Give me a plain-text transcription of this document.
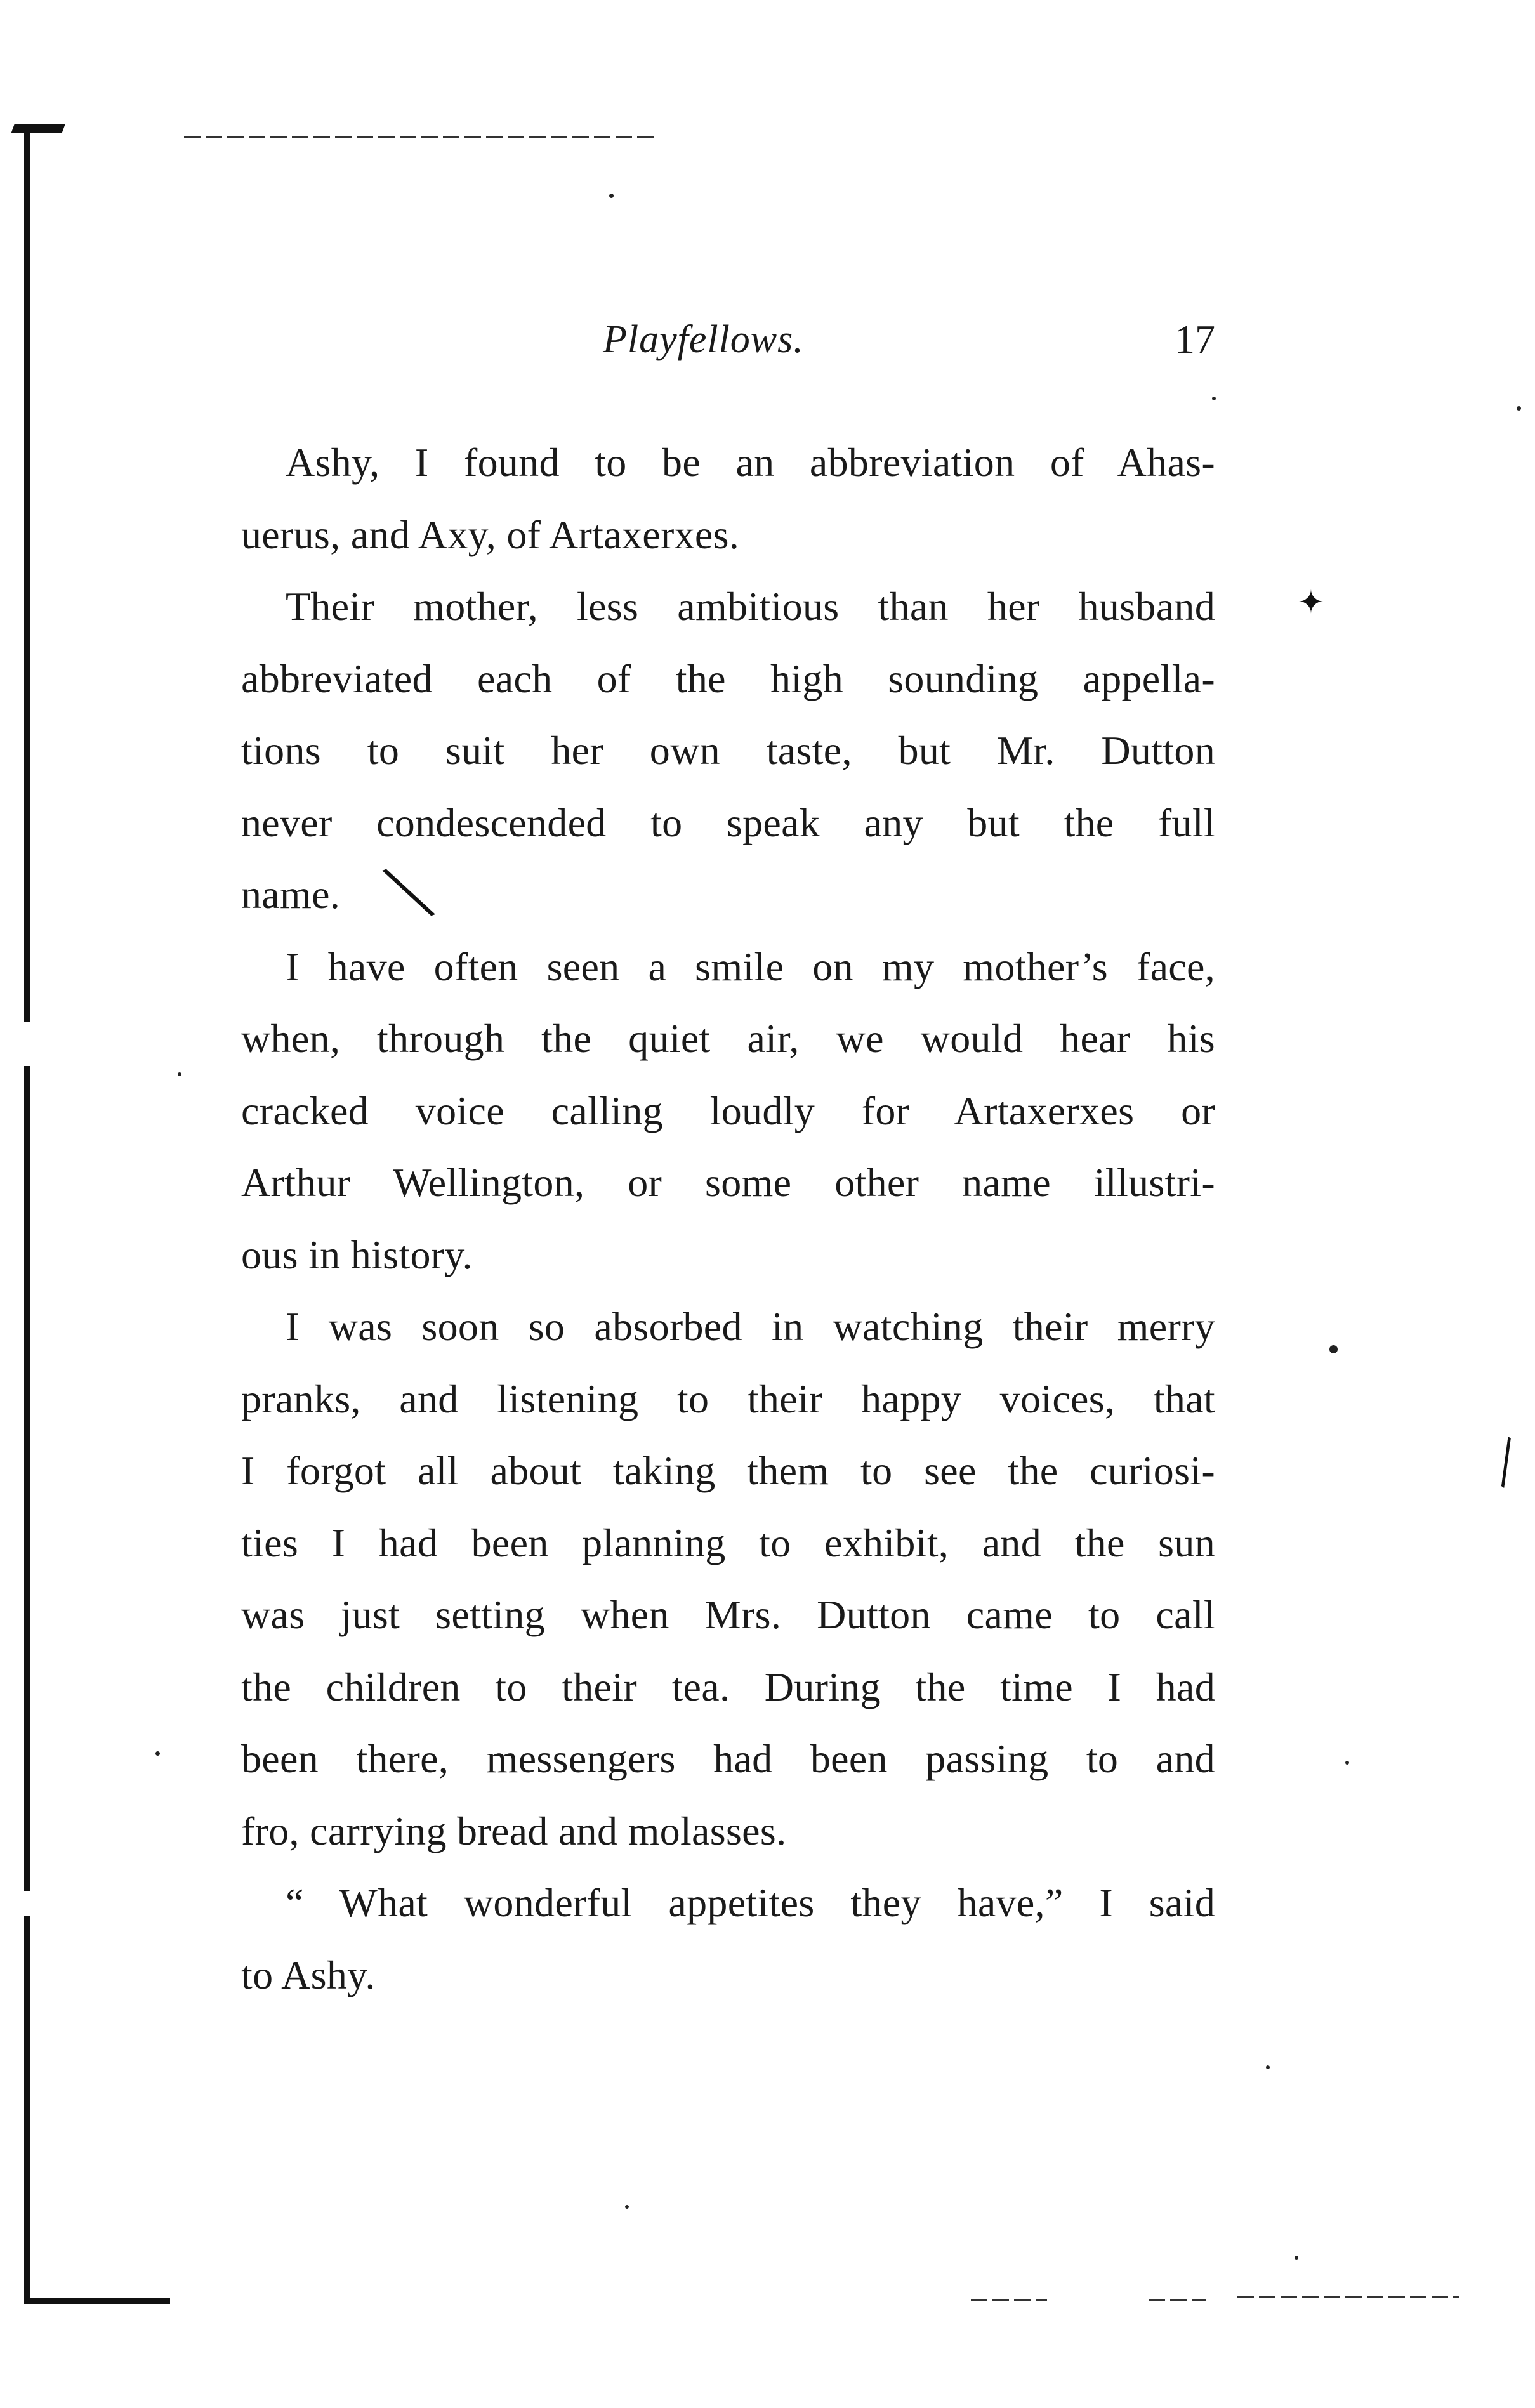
✦
╲
╲
Playfellows.	17
Ashy, I found to be an abbreviation of Ahas-
uerus, and Axy, of Artaxerxes.
Their mother, less ambitious than her husband
abbreviated each of the high sounding appella-
tions to suit her own taste, but Mr. Dutton
never condescended to speak any but the full
name.
I have often seen a smile on my mother’s face,
when, through the quiet air, we would hear his
cracked voice calling loudly for Artaxerxes or
Arthur Wellington, or some other name illustri-
ous in history.
I was soon so absorbed in watching their merry
pranks, and listening to their happy voices, that
I forgot all about taking them to see the curiosi-
ties I had been planning to exhibit, and the sun
was just setting when Mrs. Dutton came to call
the children to their tea. During the time I had
been there, messengers had been passing to and
fro, carrying bread and molasses.
“ What wonderful appetites they have,” I said
to Ashy.
